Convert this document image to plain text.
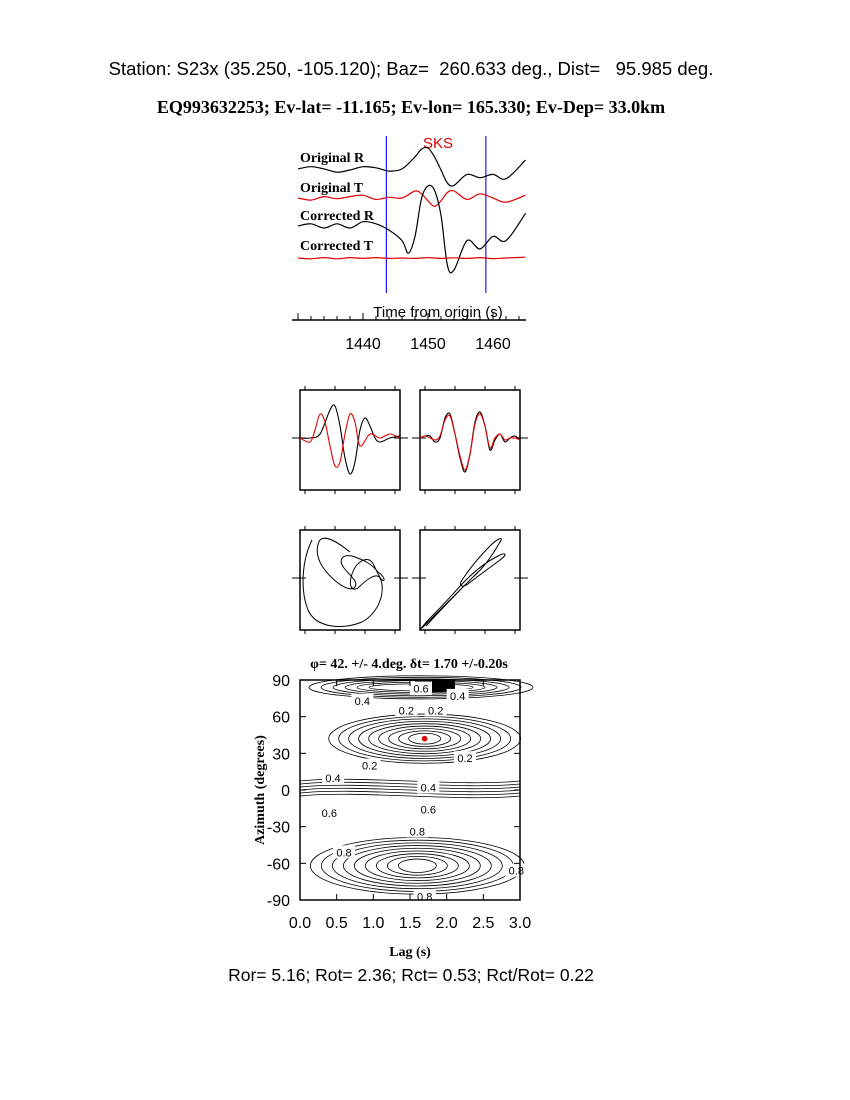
Station: S23x (35.250, -105.120); Baz=  260.633 deg., Dist=   95.985 deg.
EQ993632253; Ev-lat= -11.165; Ev-lon= 165.330; Ev-Dep= 33.0km
SKS
Original R
Original T
Corrected R
Corrected T
Time from origin (s)
1440 1450 1460
φ= 42. +/- 4.deg. δt= 1.70 +/-0.20s
0.6
0.4
0.4
0.2 0.2
0.2
0.2
0.4
0.4
0.6
0.6
0.8
0.8
0.8
0.8
0.0 0.5 1.0 1.5 2.0 2.5 3.0
90
60
30
0
-30
-60
-90
Lag (s)
Azimuth (degrees)
Ror= 5.16; Rot= 2.36; Rct= 0.53; Rct/Rot= 0.22
